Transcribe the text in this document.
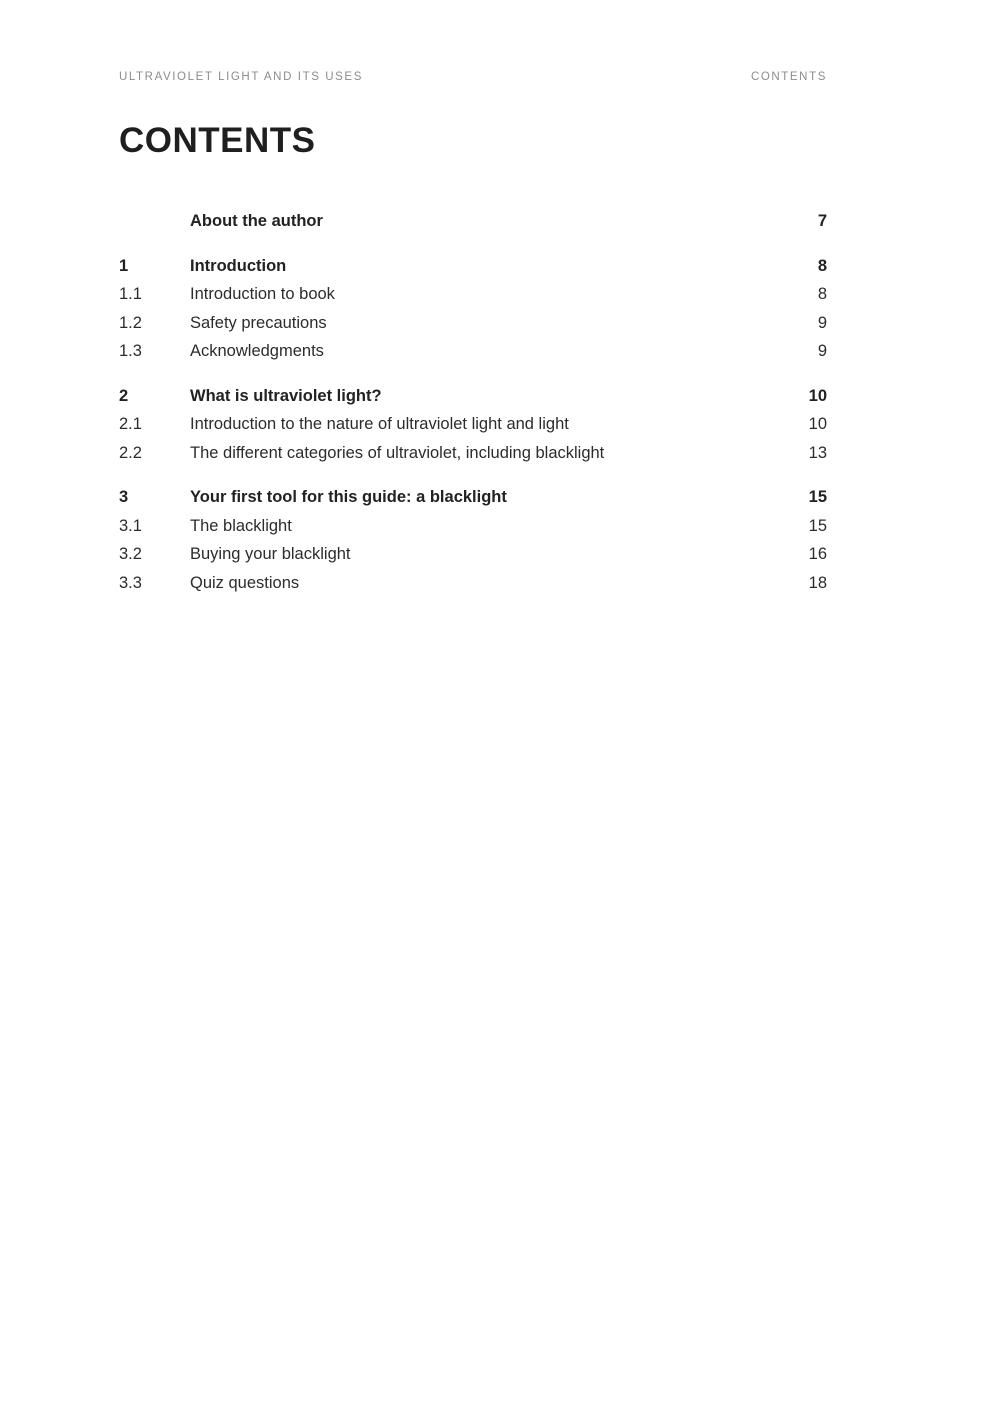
ULTRAVIOLET LIGHT AND ITS USES	CONTENTS
CONTENTS
About the author	7
1	Introduction	8
1.1	Introduction to book	8
1.2	Safety precautions	9
1.3	Acknowledgments	9
2	What is ultraviolet light?	10
2.1	Introduction to the nature of ultraviolet light and light	10
2.2	The different categories of ultraviolet, including blacklight	13
3	Your first tool for this guide: a blacklight	15
3.1	The blacklight	15
3.2	Buying your blacklight	16
3.3	Quiz questions	18
